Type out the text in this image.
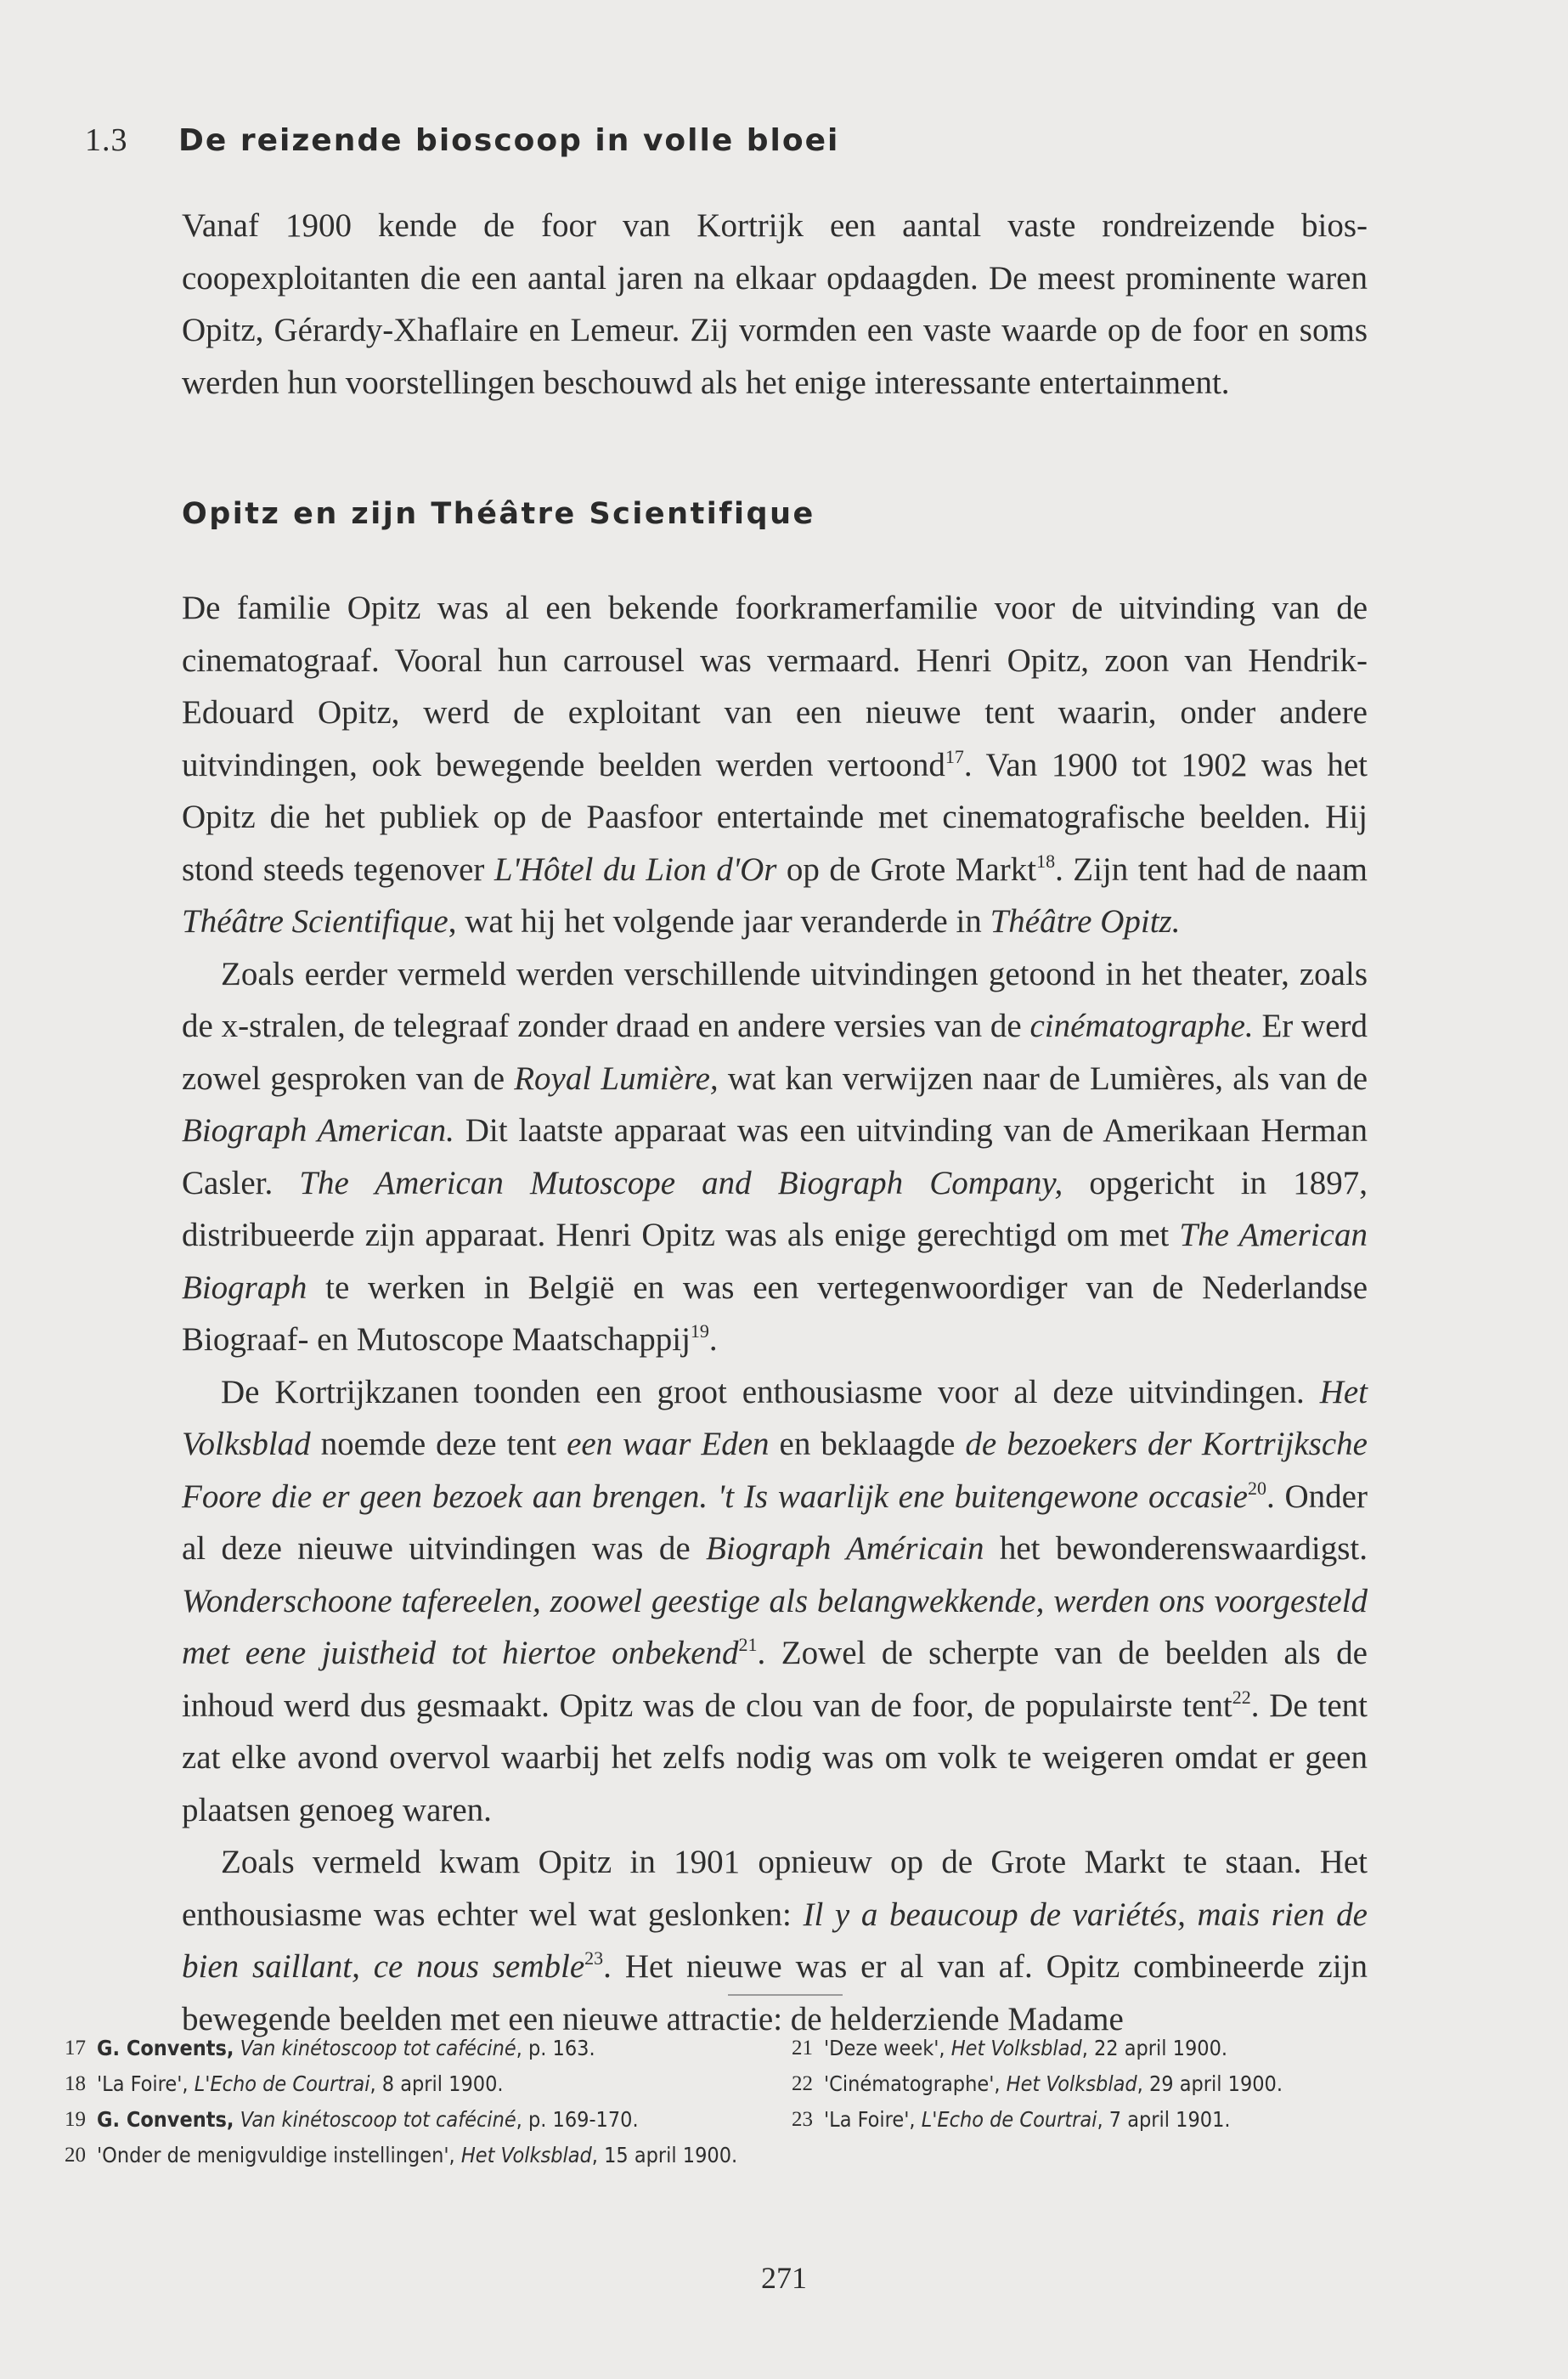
1.3 De reizende bioscoop in volle bloei

Vanaf 1900 kende de foor van Kortrijk een aantal vaste rondreizende bioscoopexploitanten die een aantal jaren na elkaar opdaagden. De meest prominente waren Opitz, Gérardy-Xhaflaire en Lemeur. Zij vormden een vaste waarde op de foor en soms werden hun voorstellingen beschouwd als het enige interessante entertainment.

Opitz en zijn Théâtre Scientifique

De familie Opitz was al een bekende foorkramerfamilie voor de uitvinding van de cinematograaf. Vooral hun carrousel was vermaard. Henri Opitz, zoon van Hendrik-Edouard Opitz, werd de exploitant van een nieuwe tent waarin, onder andere uitvindingen, ook bewegende beelden werden vertoond$^{17}$. Van 1900 tot 1902 was het Opitz die het publiek op de Paasfoor entertainde met cinematografische beelden. Hij stond steeds tegenover L'Hôtel du Lion d'Or op de Grote Markt$^{18}$. Zijn tent had de naam Théâtre Scientifique, wat hij het volgende jaar veranderde in Théâtre Opitz.

Zoals eerder vermeld werden verschillende uitvindingen getoond in het theater, zoals de x-stralen, de telegraaf zonder draad en andere versies van de cinématographe. Er werd zowel gesproken van de Royal Lumière, wat kan verwijzen naar de Lumières, als van de Biograph American. Dit laatste apparaat was een uitvinding van de Amerikaan Herman Casler. The American Mutoscope and Biograph Company, opgericht in 1897, distribueerde zijn apparaat. Henri Opitz was als enige gerechtigd om met The American Biograph te werken in België en was een vertegenwoordiger van de Nederlandse Biograaf- en Mutoscope Maatschappij$^{19}$.

De Kortrijkzanen toonden een groot enthousiasme voor al deze uitvindingen. Het Volksblad noemde deze tent een waar Eden en beklaagde de bezoekers der Kortrijksche Foore die er geen bezoek aan brengen. 't Is waarlijk ene buitengewone occasie$^{20}$. Onder al deze nieuwe uitvindingen was de Biograph Américain het bewonderenswaardigst. Wonderschoone tafereelen, zoowel geestige als belangwekkende, werden ons voorgesteld met eene juistheid tot hiertoe onbekend$^{21}$. Zowel de scherpte van de beelden als de inhoud werd dus gesmaakt. Opitz was de clou van de foor, de populairste tent$^{22}$. De tent zat elke avond overvol waarbij het zelfs nodig was om volk te weigeren omdat er geen plaatsen genoeg waren.

Zoals vermeld kwam Opitz in 1901 opnieuw op de Grote Markt te staan. Het enthousiasme was echter wel wat geslonken: Il y a beaucoup de variétés, mais rien de bien saillant, ce nous semble$^{23}$. Het nieuwe was er al van af. Opitz combineerde zijn bewegende beelden met een nieuwe attractie: de helderziende Madame

17 G. Convents, Van kinétoscoop tot caféciné, p. 163.
18 'La Foire', L'Echo de Courtrai, 8 april 1900.
19 G. Convents, Van kinétoscoop tot caféciné, p. 169-170.
20 'Onder de menigvuldige instellingen', Het Volksblad, 15 april 1900.
21 'Deze week', Het Volksblad, 22 april 1900.
22 'Cinématographe', Het Volksblad, 29 april 1900.
23 'La Foire', L'Echo de Courtrai, 7 april 1901.
271
